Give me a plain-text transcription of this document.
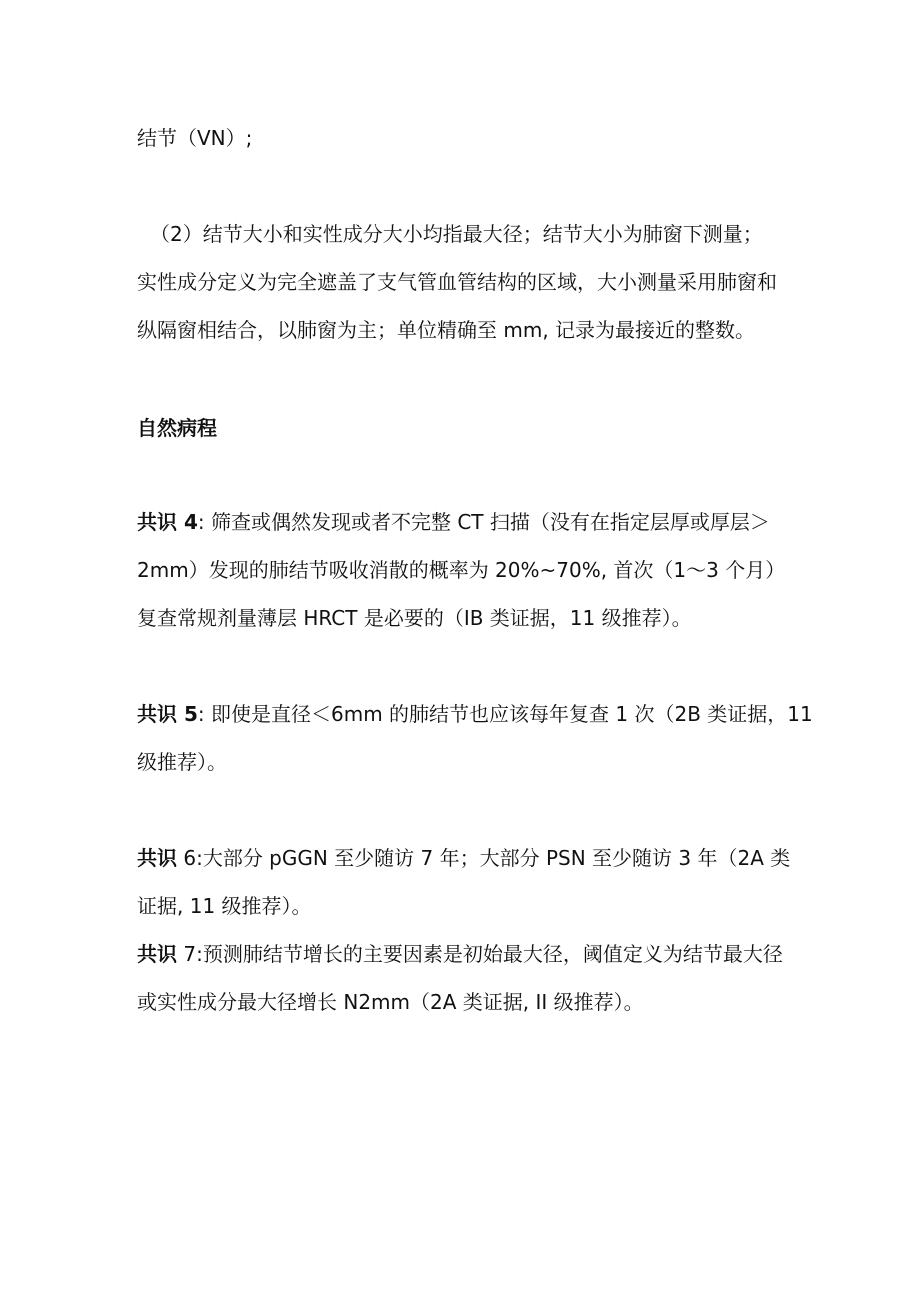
结节（VN）;
（2）结节大小和实性成分大小均指最大径；结节大小为肺窗下测量；
实性成分定义为完全遮盖了支气管血管结构的区域，大小测量采用肺窗和
纵隔窗相结合，以肺窗为主；单位精确至 mm, 记录为最接近的整数。
自然病程
共识 4: 筛查或偶然发现或者不完整 CT 扫描（没有在指定层厚或厚层＞
2mm）发现的肺结节吸收消散的概率为 20%~70%, 首次（1～3 个月）
复查常规剂量薄层 HRCT 是必要的（IB 类证据，11 级推荐）。
共识 5: 即使是直径＜6mm 的肺结节也应该每年复查 1 次（2B 类证据，11
级推荐）。
共识 6:大部分 pGGN 至少随访 7 年；大部分 PSN 至少随访 3 年（2A 类
证据, 11 级推荐）。
共识 7:预测肺结节增长的主要因素是初始最大径，阈值定义为结节最大径
或实性成分最大径增长 N2mm（2A 类证据, II 级推荐）。
